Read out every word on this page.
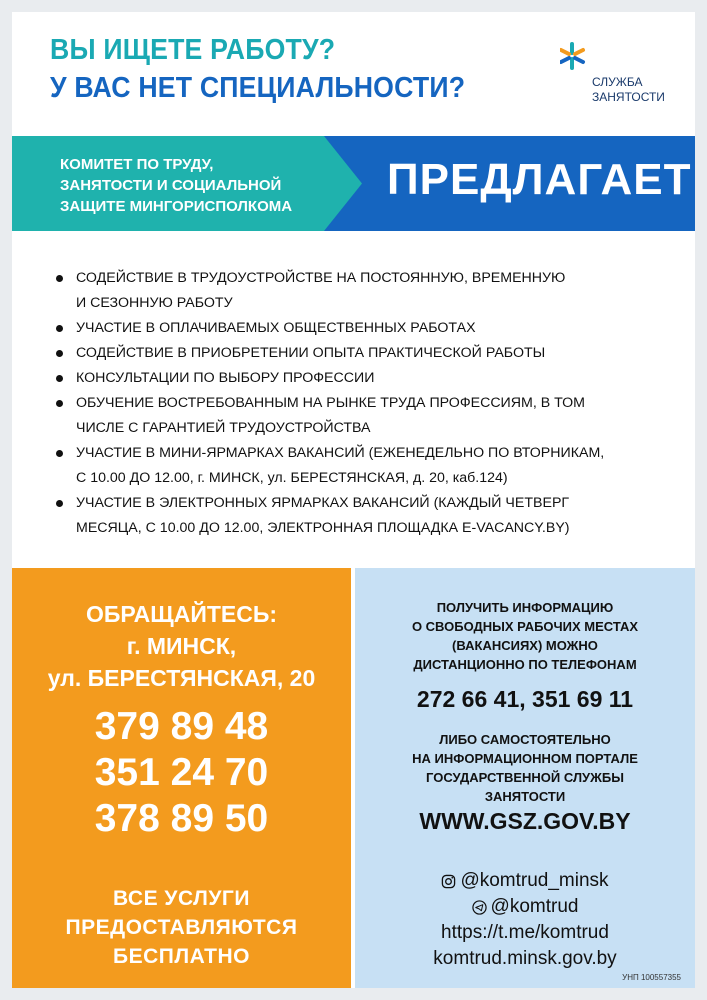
ВЫ ИЩЕТЕ РАБОТУ?
У ВАС НЕТ СПЕЦИАЛЬНОСТИ?	СЛУЖБА
ЗАНЯТОСТИ
КОМИТЕТ ПО ТРУДУ,
ЗАНЯТОСТИ И СОЦИАЛЬНОЙ
ЗАЩИТЕ МИНГОРИСПОЛКОМА
ПРЕДЛАГАЕТ
СОДЕЙСТВИЕ В ТРУДОУСТРОЙСТВЕ НА ПОСТОЯННУЮ, ВРЕМЕННУЮ
И СЕЗОННУЮ РАБОТУ
УЧАСТИЕ В ОПЛАЧИВАЕМЫХ ОБЩЕСТВЕННЫХ РАБОТАХ
СОДЕЙСТВИЕ В ПРИОБРЕТЕНИИ ОПЫТА ПРАКТИЧЕСКОЙ РАБОТЫ
КОНСУЛЬТАЦИИ ПО ВЫБОРУ ПРОФЕССИИ
ОБУЧЕНИЕ ВОСТРЕБОВАННЫМ НА РЫНКЕ ТРУДА ПРОФЕССИЯМ, В ТОМ
ЧИСЛЕ С ГАРАНТИЕЙ ТРУДОУСТРОЙСТВА
УЧАСТИЕ В МИНИ-ЯРМАРКАХ ВАКАНСИЙ (ЕЖЕНЕДЕЛЬНО ПО ВТОРНИКАМ,
С 10.00 ДО 12.00, г. МИНСК, ул. БЕРЕСТЯНСКАЯ, д. 20, каб.124)
УЧАСТИЕ В ЭЛЕКТРОННЫХ ЯРМАРКАХ ВАКАНСИЙ (КАЖДЫЙ ЧЕТВЕРГ
МЕСЯЦА, С 10.00 ДО 12.00, ЭЛЕКТРОННАЯ ПЛОЩАДКА E-VACANCY.BY)
ОБРАЩАЙТЕСЬ:
г. МИНСК,
ул. БЕРЕСТЯНСКАЯ, 20
379 89 48
351 24 70
378 89 50
ВСЕ УСЛУГИ
ПРЕДОСТАВЛЯЮТСЯ
БЕСПЛАТНО
ПОЛУЧИТЬ ИНФОРМАЦИЮ
О СВОБОДНЫХ РАБОЧИХ МЕСТАХ
(ВАКАНСИЯХ) МОЖНО
ДИСТАНЦИОННО ПО ТЕЛЕФОНАМ
272 66 41, 351 69 11
ЛИБО САМОСТОЯТЕЛЬНО
НА ИНФОРМАЦИОННОМ ПОРТАЛЕ
ГОСУДАРСТВЕННОЙ СЛУЖБЫ
ЗАНЯТОСТИ
WWW.GSZ.GOV.BY
@komtrud_minsk
@komtrud
https://t.me/komtrud
komtrud.minsk.gov.by
УНП 100557355
